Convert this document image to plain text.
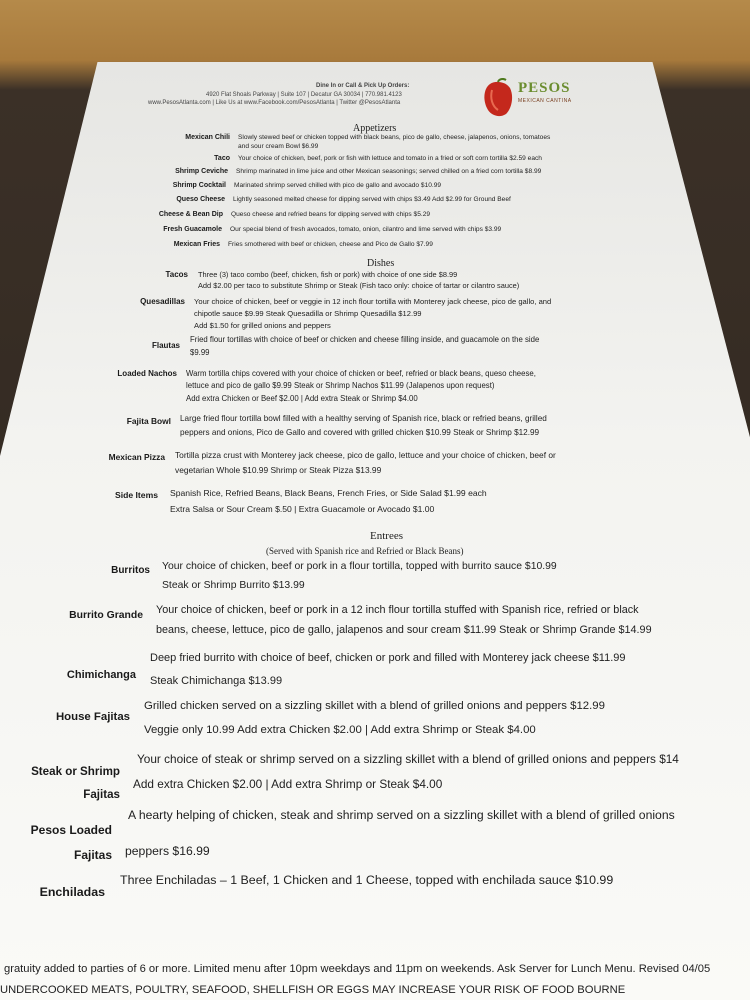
Dine In or Call & Pick Up Orders:
4920 Flat Shoals Parkway | Suite 107 | Decatur GA 30034 | 770.981.4123
www.PesosAtlanta.com | Like Us at www.Facebook.com/PesosAtlanta | Twitter @PesosAtlanta
PESOS
MEXICAN CANTINA
Appetizers
Mexican Chili Slowly stewed beef or chicken topped with black beans, pico de gallo, cheese, jalapenos, onions, tomatoes
and sour cream Bowl $6.99
Taco Your choice of chicken, beef, pork or fish with lettuce and tomato in a fried or soft corn tortilla $2.59 each
Shrimp Ceviche Shrimp marinated in lime juice and other Mexican seasonings; served chilled on a fried corn tortilla $8.99
Shrimp Cocktail Marinated shrimp served chilled with pico de gallo and avocado $10.99
Queso Cheese Lightly seasoned melted cheese for dipping served with chips $3.49 Add $2.99 for Ground Beef
Cheese & Bean Dip Queso cheese and refried beans for dipping served with chips $5.29
Fresh Guacamole Our special blend of fresh avocados, tomato, onion, cilantro and lime served with chips $3.99
Mexican Fries Fries smothered with beef or chicken, cheese and Pico de Gallo $7.99
Dishes
Tacos Three (3) taco combo (beef, chicken, fish or pork) with choice of one side $8.99
Add $2.00 per taco to substitute Shrimp or Steak (Fish taco only: choice of tartar or cilantro sauce)
Quesadillas Your choice of chicken, beef or veggie in 12 inch flour tortilla with Monterey jack cheese, pico de gallo, and
chipotle sauce $9.99 Steak Quesadilla or Shrimp Quesadilla $12.99
Add $1.50 for grilled onions and peppers
Flautas
Fried flour tortillas with choice of beef or chicken and cheese filling inside, and guacamole on the side
$9.99
Loaded Nachos Warm tortilla chips covered with your choice of chicken or beef, refried or black beans, queso cheese,
lettuce and pico de gallo $9.99 Steak or Shrimp Nachos $11.99 (Jalapenos upon request)
Add extra Chicken or Beef $2.00 | Add extra Steak or Shrimp $4.00
Fajita Bowl Large fried flour tortilla bowl filled with a healthy serving of Spanish rice, black or refried beans, grilled
peppers and onions, Pico de Gallo and covered with grilled chicken $10.99 Steak or Shrimp $12.99
Mexican Pizza Tortilla pizza crust with Monterey jack cheese, pico de gallo, lettuce and your choice of chicken, beef or
vegetarian Whole $10.99 Shrimp or Steak Pizza $13.99
Side Items Spanish Rice, Refried Beans, Black Beans, French Fries, or Side Salad $1.99 each
Extra Salsa or Sour Cream $.50 | Extra Guacamole or Avocado $1.00
Entrees
(Served with Spanish rice and Refried or Black Beans)
Burritos Your choice of chicken, beef or pork in a flour tortilla, topped with burrito sauce $10.99
Steak or Shrimp Burrito $13.99
Burrito Grande Your choice of chicken, beef or pork in a 12 inch flour tortilla stuffed with Spanish rice, refried or black
beans, cheese, lettuce, pico de gallo, jalapenos and sour cream $11.99 Steak or Shrimp Grande $14.99
Chimichanga
Deep fried burrito with choice of beef, chicken or pork and filled with Monterey jack cheese $11.99
Steak Chimichanga $13.99
House Fajitas
Grilled chicken served on a sizzling skillet with a blend of grilled onions and peppers $12.99
Veggie only 10.99 Add extra Chicken $2.00 | Add extra Shrimp or Steak $4.00
Steak or Shrimp
Fajitas
Your choice of steak or shrimp served on a sizzling skillet with a blend of grilled onions and peppers $14
Add extra Chicken $2.00 | Add extra Shrimp or Steak $4.00
Pesos Loaded
Fajitas
A hearty helping of chicken, steak and shrimp served on a sizzling skillet with a blend of grilled onions
peppers $16.99
Enchiladas
Three Enchiladas – 1 Beef, 1 Chicken and 1 Cheese, topped with enchilada sauce $10.99
gratuity added to parties of 6 or more. Limited menu after 10pm weekdays and 11pm on weekends. Ask Server for Lunch Menu. Revised 04/05
UNDERCOOKED MEATS, POULTRY, SEAFOOD, SHELLFISH OR EGGS MAY INCREASE YOUR RISK OF FOOD BOURNE
